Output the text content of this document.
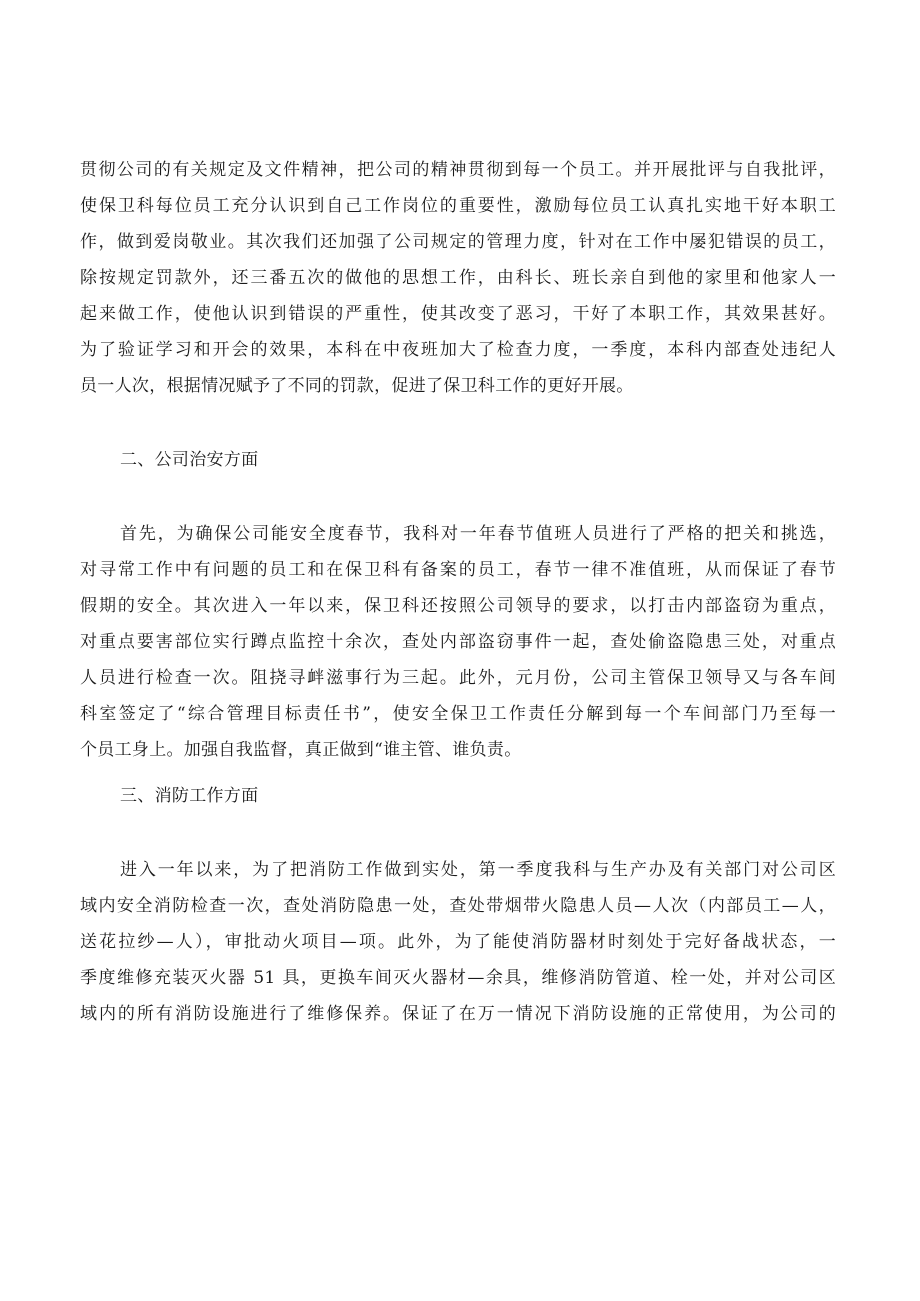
贯彻公司的有关规定及文件精神，把公司的精神贯彻到每一个员工。并开展批评与自我批评，
使保卫科每位员工充分认识到自己工作岗位的重要性，激励每位员工认真扎实地干好本职工
作，做到爱岗敬业。其次我们还加强了公司规定的管理力度，针对在工作中屡犯错误的员工，
除按规定罚款外，还三番五次的做他的思想工作，由科长、班长亲自到他的家里和他家人一
起来做工作，使他认识到错误的严重性，使其改变了恶习，干好了本职工作，其效果甚好。
为了验证学习和开会的效果，本科在中夜班加大了检查力度，一季度，本科内部查处违纪人
员一人次，根据情况赋予了不同的罚款，促进了保卫科工作的更好开展。
二、公司治安方面
首先，为确保公司能安全度春节，我科对一年春节值班人员进行了严格的把关和挑选，
对寻常工作中有问题的员工和在保卫科有备案的员工，春节一律不准值班，从而保证了春节
假期的安全。其次进入一年以来，保卫科还按照公司领导的要求，以打击内部盗窃为重点，
对重点要害部位实行蹲点监控十余次，查处内部盗窃事件一起，查处偷盗隐患三处，对重点
人员进行检查一次。阻挠寻衅滋事行为三起。此外，元月份，公司主管保卫领导又与各车间
科室签定了“综合管理目标责任书”，使安全保卫工作责任分解到每一个车间部门乃至每一
个员工身上。加强自我监督，真正做到“谁主管、谁负责。
三、消防工作方面
进入一年以来，为了把消防工作做到实处，第一季度我科与生产办及有关部门对公司区
域内安全消防检查一次，查处消防隐患一处，查处带烟带火隐患人员—人次（内部员工—人，
送花拉纱—人），审批动火项目—项。此外，为了能使消防器材时刻处于完好备战状态，一
季度维修充装灭火器 51 具，更换车间灭火器材—余具，维修消防管道、栓一处，并对公司区
域内的所有消防设施进行了维修保养。保证了在万一情况下消防设施的正常使用，为公司的
